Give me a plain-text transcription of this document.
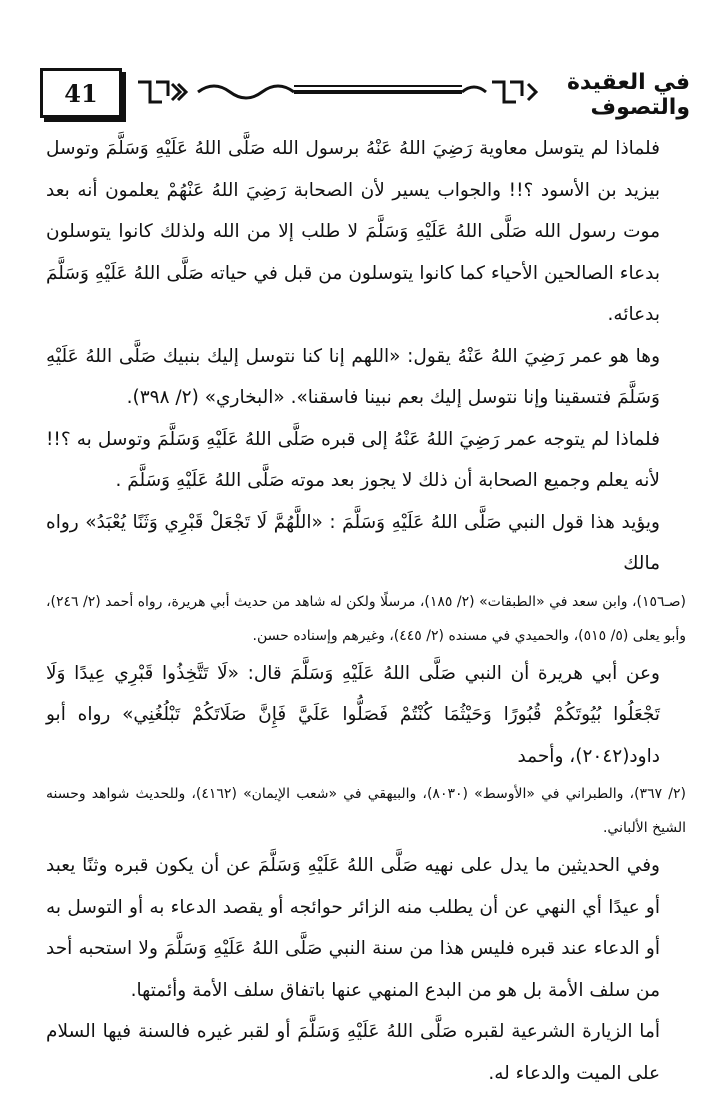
41	في العقيدة والتصوف

فلماذا لم يتوسل معاوية رَضِيَ اللهُ عَنْهُ برسول الله صَلَّى اللهُ عَلَيْهِ وَسَلَّمَ وتوسل بيزيد بن الأسود ؟!! والجواب يسير لأن الصحابة رَضِيَ اللهُ عَنْهُمْ يعلمون أنه بعد موت رسول الله صَلَّى اللهُ عَلَيْهِ وَسَلَّمَ لا طلب إلا من الله ولذلك كانوا يتوسلون بدعاء الصالحين الأحياء كما كانوا يتوسلون من قبل في حياته صَلَّى اللهُ عَلَيْهِ وَسَلَّمَ بدعائه.

وها هو عمر رَضِيَ اللهُ عَنْهُ يقول: «اللهم إنا كنا نتوسل إليك بنبيك صَلَّى اللهُ عَلَيْهِ وَسَلَّمَ فتسقينا وإنا نتوسل إليك بعم نبينا فاسقنا». «البخاري» (٢/ ٣٩٨).

فلماذا لم يتوجه عمر رَضِيَ اللهُ عَنْهُ إلى قبره صَلَّى اللهُ عَلَيْهِ وَسَلَّمَ وتوسل به ؟!! لأنه يعلم وجميع الصحابة أن ذلك لا يجوز بعد موته صَلَّى اللهُ عَلَيْهِ وَسَلَّمَ .

ويؤيد هذا قول النبي صَلَّى اللهُ عَلَيْهِ وَسَلَّمَ : «اللَّهُمَّ لَا تَجْعَلْ قَبْرِي وَثَنًا يُعْبَدُ» رواه مالك

(صـ١٥٦)، وابن سعد في «الطبقات» (٢/ ١٨٥)، مرسلًا ولكن له شاهد من حديث أبي هريرة، رواه أحمد (٢/ ٢٤٦)، وأبو يعلى (٥/ ٥١٥)، والحميدي في مسنده (٢/ ٤٤٥)، وغيرهم وإسناده حسن.

وعن أبي هريرة أن النبي صَلَّى اللهُ عَلَيْهِ وَسَلَّمَ قال: «لَا تَتَّخِذُوا قَبْرِي عِيدًا وَلَا تَجْعَلُوا بُيُوتَكُمْ قُبُورًا وَحَيْثُمَا كُنْتُمْ فَصَلُّوا عَلَيَّ فَإِنَّ صَلَاتَكُمْ تَبْلُغُنِي» رواه أبو داود(٢٠٤٢)، وأحمد

(٢/ ٣٦٧)، والطبراني في «الأوسط» (٨٠٣٠)، والبيهقي في «شعب الإيمان» (٤١٦٢)، وللحديث شواهد وحسنه الشيخ الألباني.

وفي الحديثين ما يدل على نهيه صَلَّى اللهُ عَلَيْهِ وَسَلَّمَ عن أن يكون قبره وثنًا يعبد أو عيدًا أي النهي عن أن يطلب منه الزائر حوائجه أو يقصد الدعاء به أو التوسل به أو الدعاء عند قبره فليس هذا من سنة النبي صَلَّى اللهُ عَلَيْهِ وَسَلَّمَ ولا استحبه أحد من سلف الأمة بل هو من البدع المنهي عنها باتفاق سلف الأمة وأئمتها.

أما الزيارة الشرعية لقبره صَلَّى اللهُ عَلَيْهِ وَسَلَّمَ أو لقبر غيره فالسنة فيها السلام على الميت والدعاء له.
